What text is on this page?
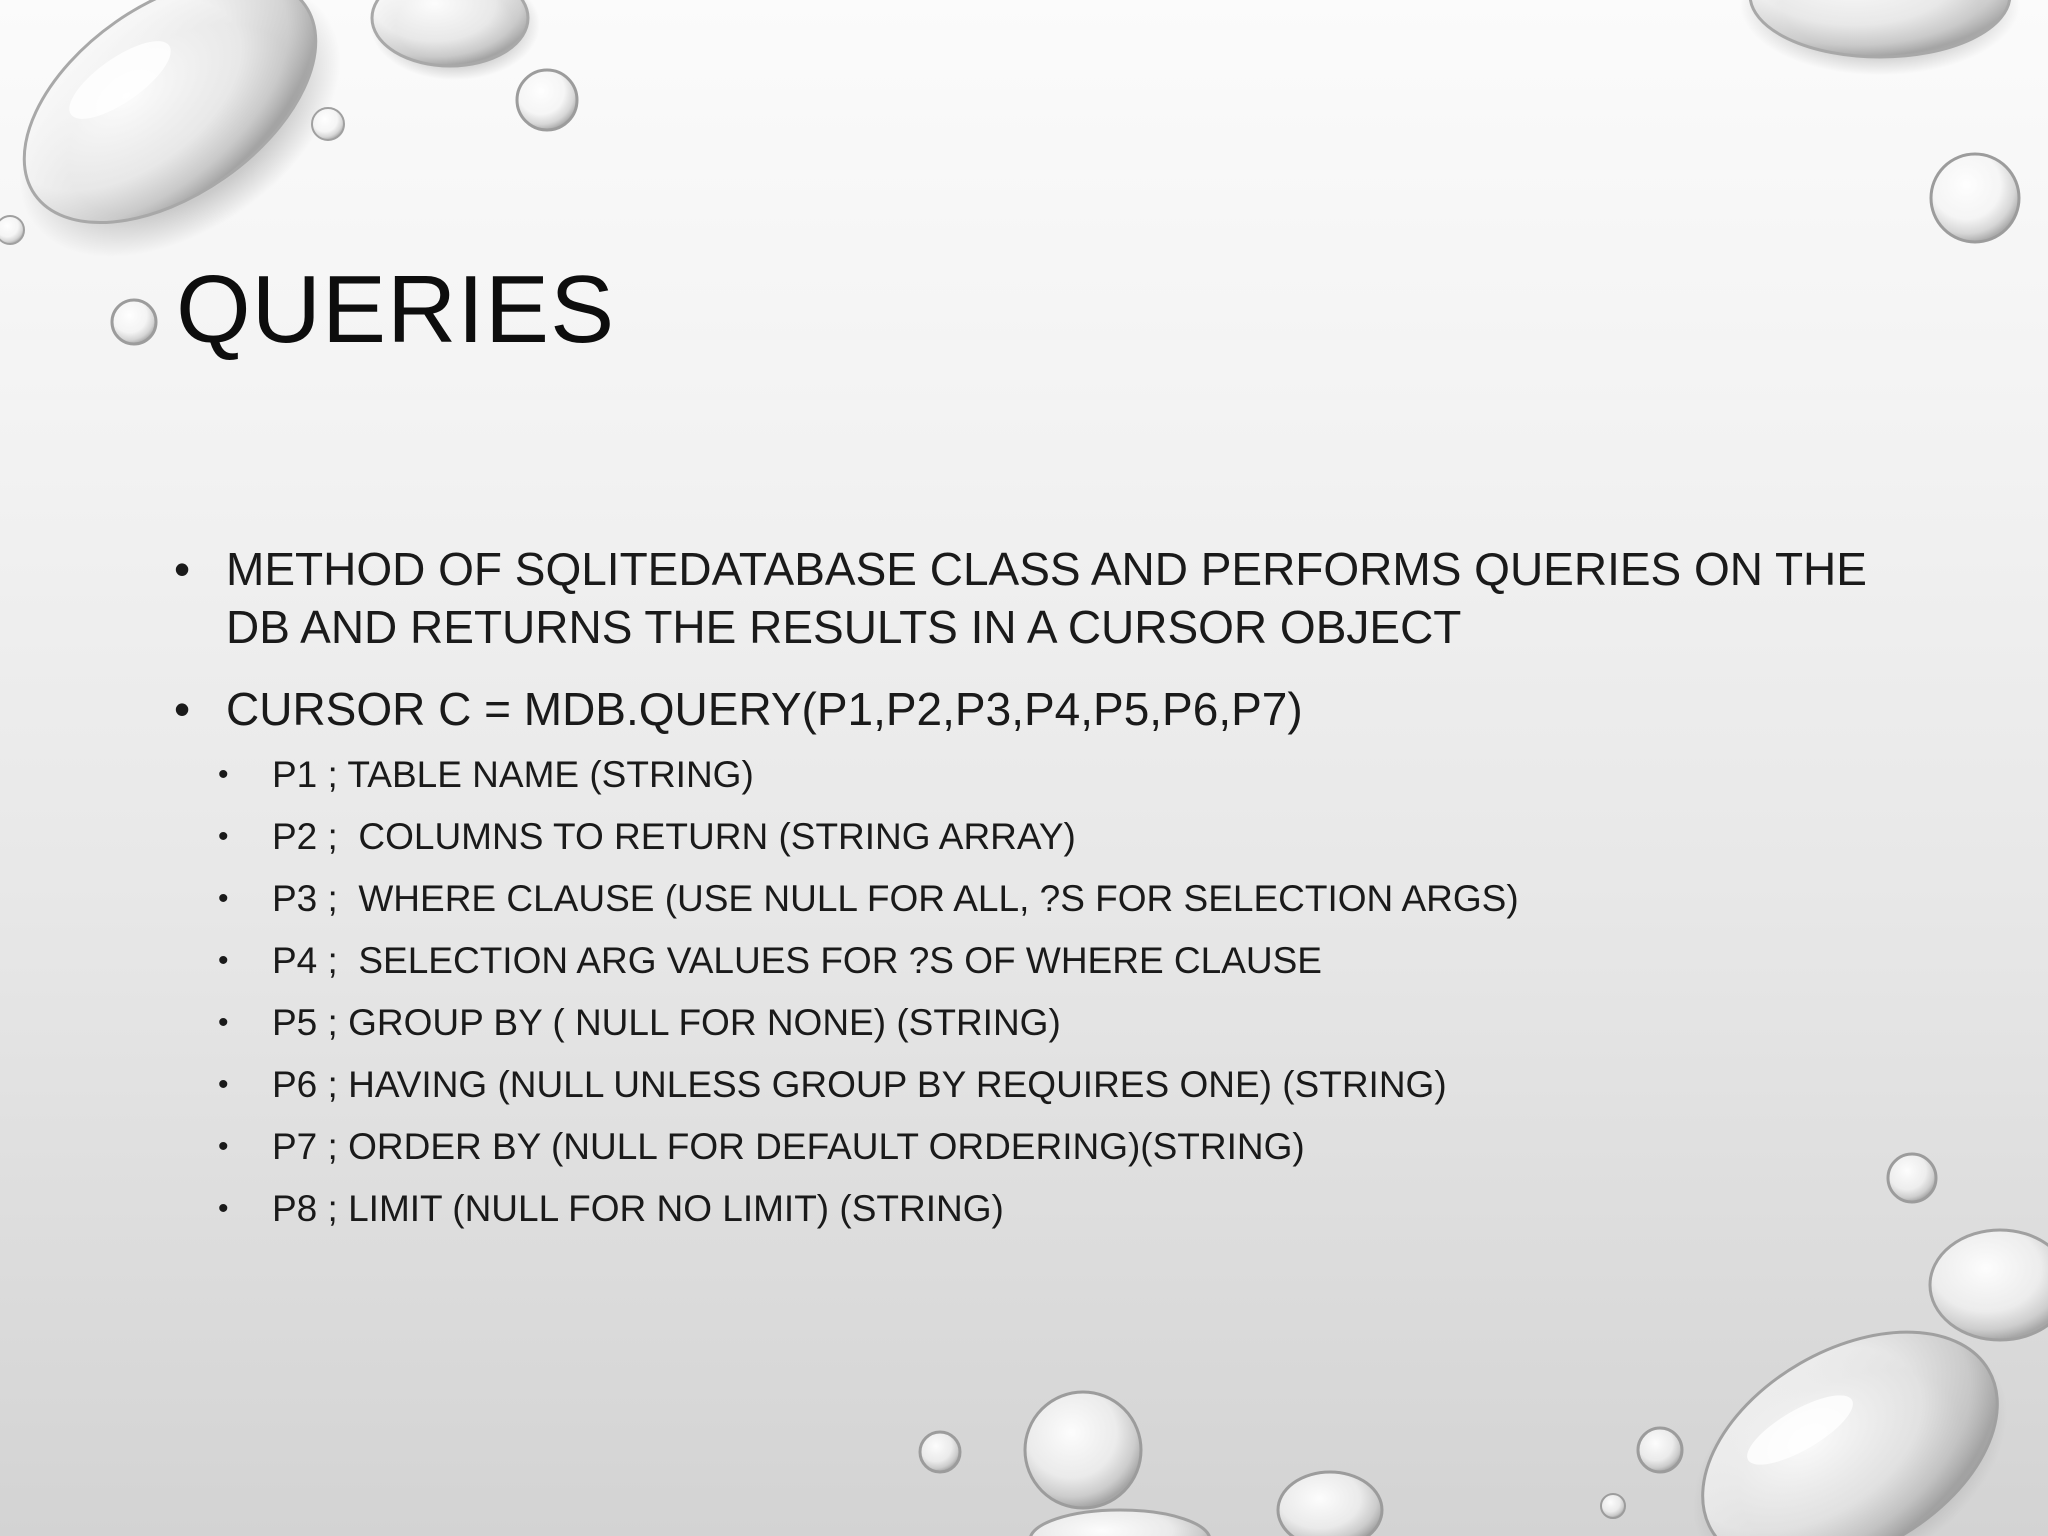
QUERIES
• METHOD OF SQLITEDATABASE CLASS AND PERFORMS QUERIES ON THE DB AND RETURNS THE RESULTS IN A CURSOR OBJECT
• CURSOR C = MDB.QUERY(P1,P2,P3,P4,P5,P6,P7)
• P1 ; TABLE NAME (STRING)
• P2 ;  COLUMNS TO RETURN (STRING ARRAY)
• P3 ;  WHERE CLAUSE (USE NULL FOR ALL, ?S FOR SELECTION ARGS)
• P4 ;  SELECTION ARG VALUES FOR ?S OF WHERE CLAUSE
• P5 ; GROUP BY ( NULL FOR NONE) (STRING)
• P6 ; HAVING (NULL UNLESS GROUP BY REQUIRES ONE) (STRING)
• P7 ; ORDER BY (NULL FOR DEFAULT ORDERING)(STRING)
• P8 ; LIMIT (NULL FOR NO LIMIT) (STRING)
